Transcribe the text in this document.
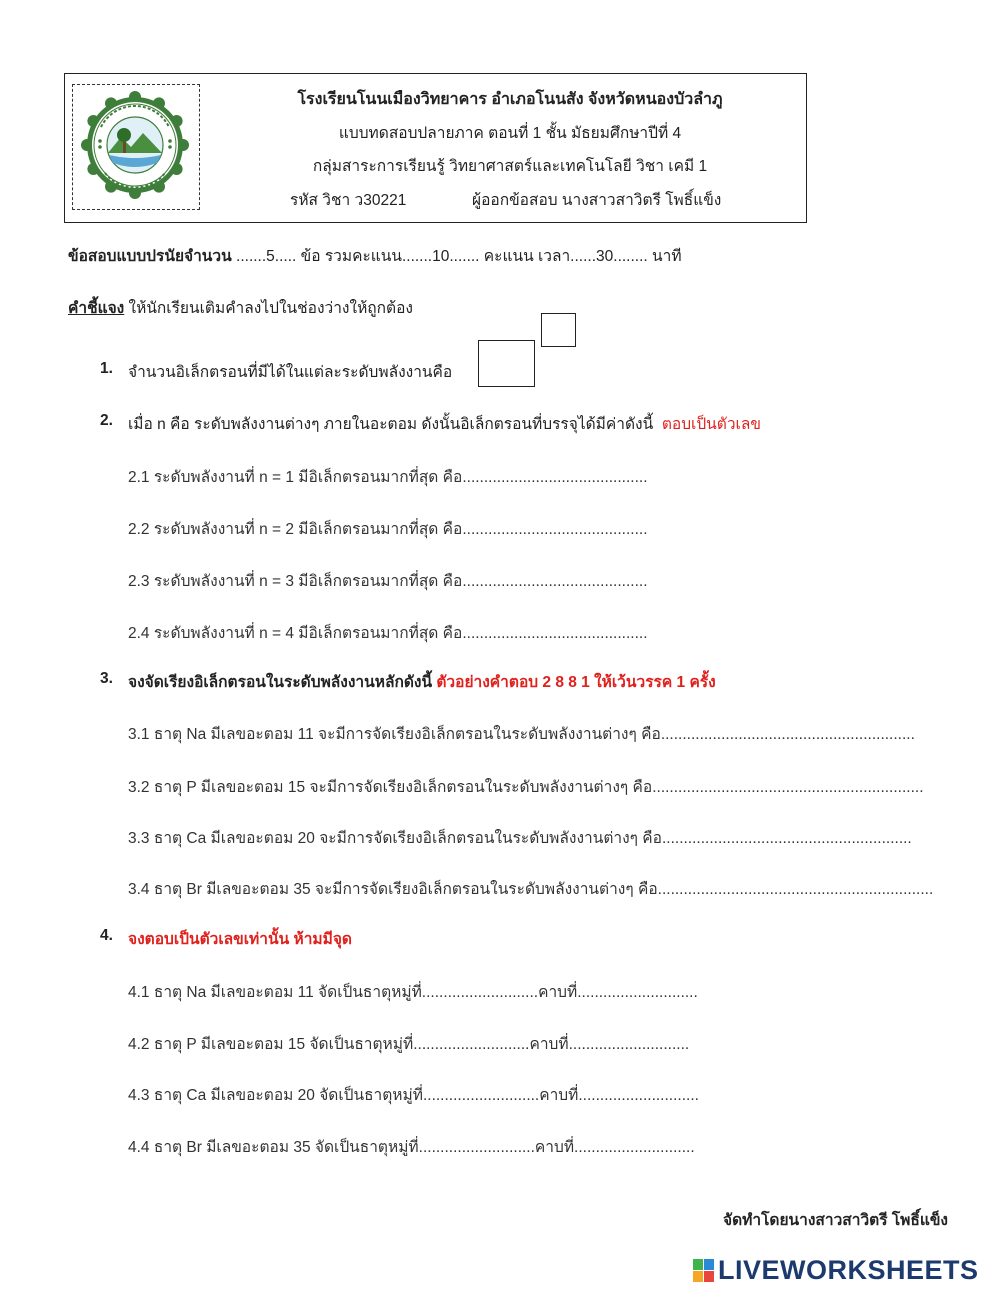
โรงเรียนโนนเมืองวิทยาคาร อำเภอโนนสัง จังหวัดหนองบัวลำภู
แบบทดสอบปลายภาค ตอนที่ 1 ชั้น มัธยมศึกษาปีที่ 4
กลุ่มสาระการเรียนรู้ วิทยาศาสตร์และเทคโนโลยี วิชา เคมี 1
รหัส วิชา ว30221	ผู้ออกข้อสอบ นางสาวสาวิตรี โพธิ์แข็ง
ข้อสอบแบบปรนัยจำนวน .......5..... ข้อ รวมคะแนน.......10....... คะแนน เวลา......30........ นาที
คำชี้แจง ให้นักเรียนเติมคำลงไปในช่องว่างให้ถูกต้อง
1. จำนวนอิเล็กตรอนที่มีได้ในแต่ละระดับพลังงานคือ
2. เมื่อ n คือ ระดับพลังงานต่างๆ ภายในอะตอม ดังนั้นอิเล็กตรอนที่บรรจุได้มีค่าดังนี้ ตอบเป็นตัวเลข
2.1 ระดับพลังงานที่ n = 1 มีอิเล็กตรอนมากที่สุด คือ...........................................
2.2 ระดับพลังงานที่ n = 2 มีอิเล็กตรอนมากที่สุด คือ...........................................
2.3 ระดับพลังงานที่ n = 3 มีอิเล็กตรอนมากที่สุด คือ...........................................
2.4 ระดับพลังงานที่ n = 4 มีอิเล็กตรอนมากที่สุด คือ...........................................
3. จงจัดเรียงอิเล็กตรอนในระดับพลังงานหลักดังนี้ ตัวอย่างคำตอบ 2 8 8 1 ให้เว้นวรรค 1 ครั้ง
3.1 ธาตุ Na มีเลขอะตอม 11 จะมีการจัดเรียงอิเล็กตรอนในระดับพลังงานต่างๆ คือ...........................................................
3.2 ธาตุ P มีเลขอะตอม 15 จะมีการจัดเรียงอิเล็กตรอนในระดับพลังงานต่างๆ คือ...............................................................
3.3 ธาตุ Ca มีเลขอะตอม 20 จะมีการจัดเรียงอิเล็กตรอนในระดับพลังงานต่างๆ คือ..........................................................
3.4 ธาตุ Br มีเลขอะตอม 35 จะมีการจัดเรียงอิเล็กตรอนในระดับพลังงานต่างๆ คือ................................................................
4. จงตอบเป็นตัวเลขเท่านั้น ห้ามมีจุด
4.1 ธาตุ Na มีเลขอะตอม 11 จัดเป็นธาตุหมู่ที่...........................คาบที่............................
4.2 ธาตุ P มีเลขอะตอม 15 จัดเป็นธาตุหมู่ที่...........................คาบที่............................
4.3 ธาตุ Ca มีเลขอะตอม 20 จัดเป็นธาตุหมู่ที่...........................คาบที่............................
4.4 ธาตุ Br มีเลขอะตอม 35 จัดเป็นธาตุหมู่ที่...........................คาบที่............................
จัดทำโดยนางสาวสาวิตรี โพธิ์แข็ง
LIVEWORKSHEETS
